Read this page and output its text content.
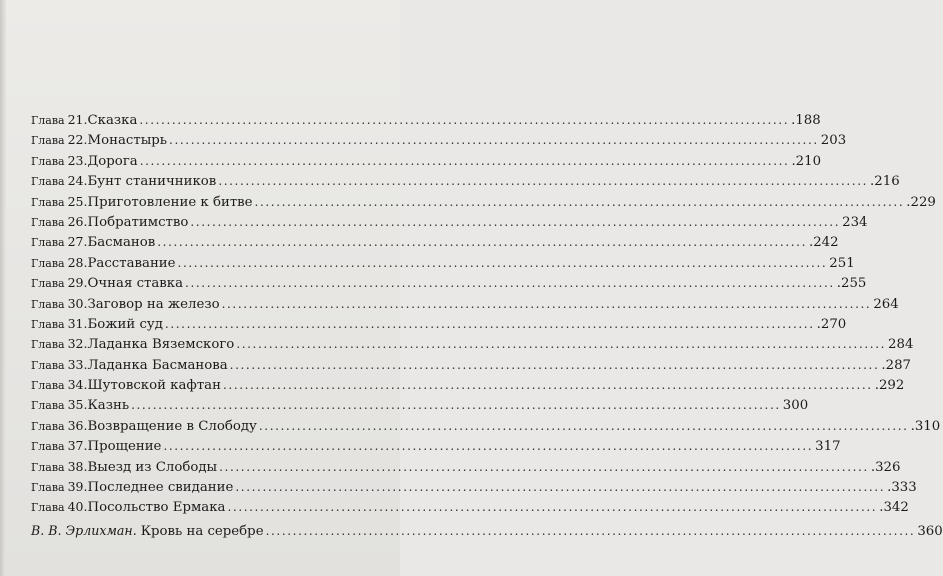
Глава 21. Сказка ........................................................................................................................ .188
Глава 22. Монастырь ........................................................................................................................ 203
Глава 23. Дорога ........................................................................................................................ .210
Глава 24. Бунт станичников ........................................................................................................................ .216
Глава 25. Приготовление к битве ........................................................................................................................ .229
Глава 26. Побратимство ........................................................................................................................ 234
Глава 27. Басманов ........................................................................................................................ .242
Глава 28. Расставание ........................................................................................................................ 251
Глава 29. Очная ставка ........................................................................................................................ .255
Глава 30. Заговор на железо ........................................................................................................................ 264
Глава 31. Божий суд ........................................................................................................................ .270
Глава 32. Ладанка Вяземского ........................................................................................................................ 284
Глава 33. Ладанка Басманова ........................................................................................................................ .287
Глава 34. Шутовской кафтан ........................................................................................................................ .292
Глава 35. Казнь ........................................................................................................................ 300
Глава 36. Возвращение в Слободу ........................................................................................................................ .310
Глава 37. Прощение ........................................................................................................................ 317
Глава 38. Выезд из Слободы ........................................................................................................................ .326
Глава 39. Последнее свидание ........................................................................................................................ .333
Глава 40. Посольство Ермака ........................................................................................................................ .342
В. В. Эрлихман. Кровь на серебре ........................................................................................................................ 360
